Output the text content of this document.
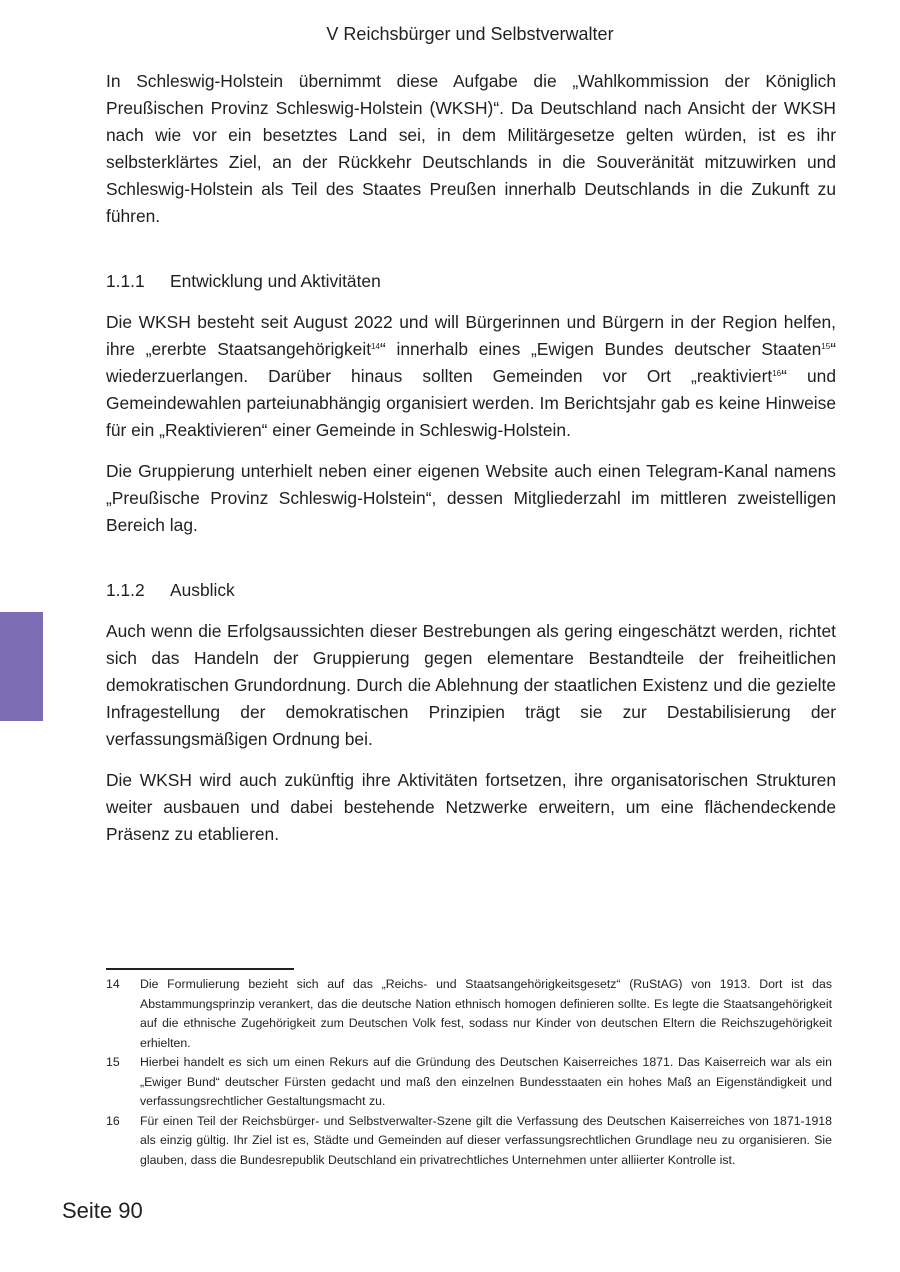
V Reichsbürger und Selbstverwalter

In Schleswig-Holstein übernimmt diese Aufgabe die „Wahlkommission der Königlich Preußischen Provinz Schleswig-Holstein (WKSH)“. Da Deutschland nach Ansicht der WKSH nach wie vor ein besetztes Land sei, in dem Militärgesetze gelten würden, ist es ihr selbsterklärtes Ziel, an der Rückkehr Deutschlands in die Souveränität mitzuwirken und Schleswig-Holstein als Teil des Staates Preußen innerhalb Deutschlands in die Zukunft zu führen.

1.1.1	Entwicklung und Aktivitäten

Die WKSH besteht seit August 2022 und will Bürgerinnen und Bürgern in der Region helfen, ihre „ererbte Staatsangehörigkeit$^{14}$“ innerhalb eines „Ewigen Bundes deutscher Staaten$^{15}$“ wiederzuerlangen. Darüber hinaus sollten Gemeinden vor Ort „reaktiviert$^{16}$“ und Gemeindewahlen parteiunabhängig organisiert werden. Im Berichtsjahr gab es keine Hinweise für ein „Reaktivieren“ einer Gemeinde in Schleswig-Holstein.

Die Gruppierung unterhielt neben einer eigenen Website auch einen Telegram-Kanal namens „Preußische Provinz Schleswig-Holstein“, dessen Mitgliederzahl im mittleren zweistelligen Bereich lag.

1.1.2	Ausblick

Auch wenn die Erfolgsaussichten dieser Bestrebungen als gering eingeschätzt werden, richtet sich das Handeln der Gruppierung gegen elementare Bestandteile der freiheitlichen demokratischen Grundordnung. Durch die Ablehnung der staatlichen Existenz und die gezielte Infragestellung der demokratischen Prinzipien trägt sie zur Destabilisierung der verfassungsmäßigen Ordnung bei.

Die WKSH wird auch zukünftig ihre Aktivitäten fortsetzen, ihre organisatorischen Strukturen weiter ausbauen und dabei bestehende Netzwerke erweitern, um eine flächendeckende Präsenz zu etablieren.

14	Die Formulierung bezieht sich auf das „Reichs- und Staatsangehörigkeitsgesetz“ (RuStAG) von 1913. Dort ist das Abstammungsprinzip verankert, das die deutsche Nation ethnisch homogen definieren sollte. Es legte die Staatsangehörigkeit auf die ethnische Zugehörigkeit zum Deutschen Volk fest, sodass nur Kinder von deutschen Eltern die Reichszugehörigkeit erhielten.
15	Hierbei handelt es sich um einen Rekurs auf die Gründung des Deutschen Kaiserreiches 1871. Das Kaiserreich war als ein „Ewiger Bund“ deutscher Fürsten gedacht und maß den einzelnen Bundesstaaten ein hohes Maß an Eigenständigkeit und verfassungsrechtlicher Gestaltungsmacht zu.
16	Für einen Teil der Reichsbürger- und Selbstverwalter-Szene gilt die Verfassung des Deutschen Kaiserreiches von 1871-1918 als einzig gültig. Ihr Ziel ist es, Städte und Gemeinden auf dieser verfassungsrechtlichen Grundlage neu zu organisieren. Sie glauben, dass die Bundesrepublik Deutschland ein privatrechtliches Unternehmen unter alliierter Kontrolle ist.
Seite 90
